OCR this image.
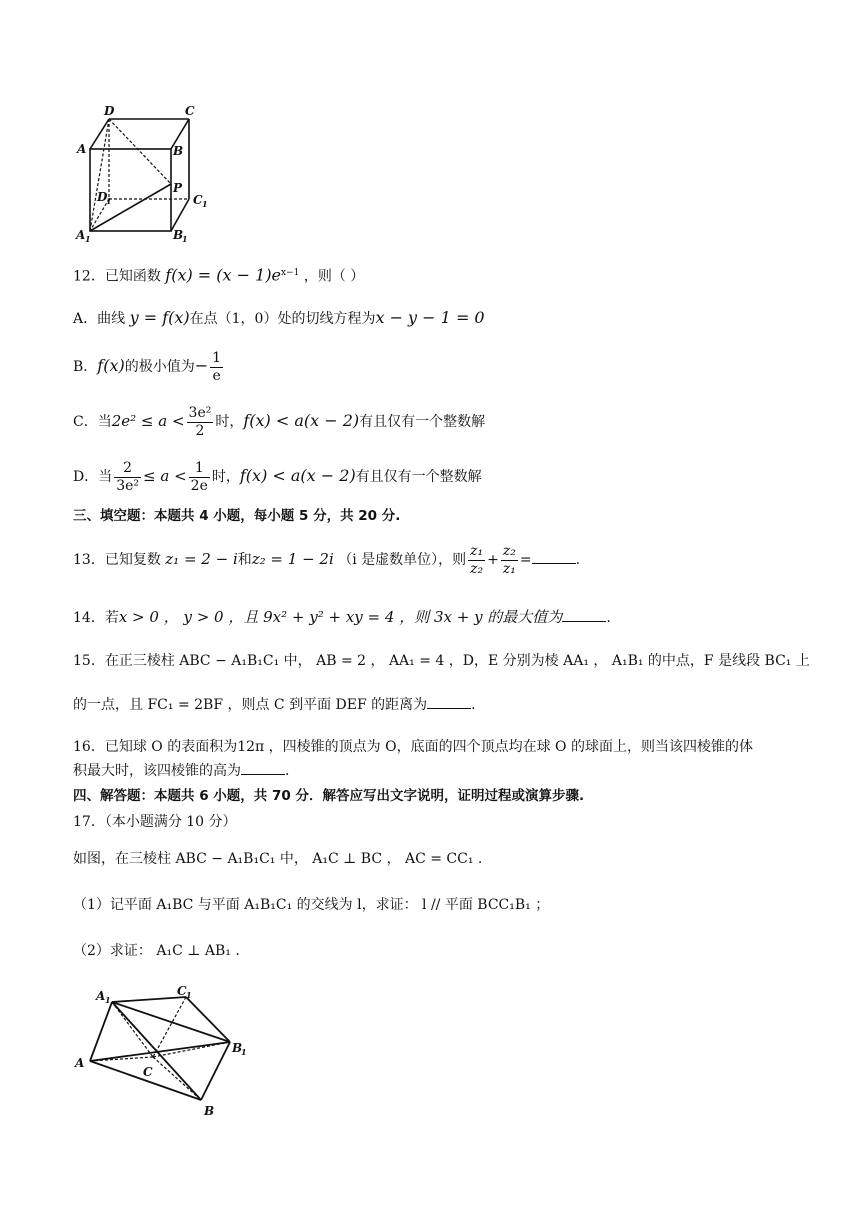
D	C
A	B
P
D
1	C 1
A 1	B
1
12．已知函数 $f(x) = (x - 1)e^{x-1}$ ，则（ ）
A．曲线 y = f(x)在点（1，0）处的切线方程为x − y − 1 = 0
B．f(x)的极小值为− $\frac{1}{e}$
C．当$2e^2 \le a < \frac{\text{3e²}}{2}$ 时，f(x) < a(x − 2)有且仅有一个整数解
D．当 $\frac{2}{\text{3e²}} \le a < \frac{1}{2e}$ 时，f(x) < a(x − 2)有且仅有一个整数解
三、填空题：本题共 4 小题，每小题 5 分，共 20 分.
13．已知复数 z₁ = 2 − i和z₂ = 1 − 2i （i 是虚数单位），则 $\frac{\text{z₁}}{\text{z₂}} + \frac{\text{z₂}}{\text{z₁}}$ =	.
14．若x > 0 ， y > 0 ，且 9x² + y² + xy = 4 ，则 3x + y 的最大值为	.
15．在正三棱柱 ABC − A₁B₁C₁ 中， AB = 2 ， AA₁ = 4 ，D，E 分别为棱 AA₁ ， A₁B₁ 的中点，F 是线段 BC₁ 上
的一点，且 FC₁ = 2BF ，则点 C 到平面 DEF 的距离为	.
16．已知球 O 的表面积为12π ，四棱锥的顶点为 O，底面的四个顶点均在球 O 的球面上，则当该四棱锥的体
积最大时，该四棱锥的高为	.
四、解答题：本题共 6 小题，共 70 分．解答应写出文字说明，证明过程或演算步骤.
17．（本小题满分 10 分）
如图，在三棱柱 ABC − A₁B₁C₁ 中， A₁C ⊥ BC ， AC = CC₁ .
（1）记平面 A₁BC 与平面 A₁B₁C₁ 的交线为 l，求证： l // 平面 BCC₁B₁ ；
（2）求证： A₁C ⊥ AB₁ .
A 1
C 1
A
C
B
1
B
